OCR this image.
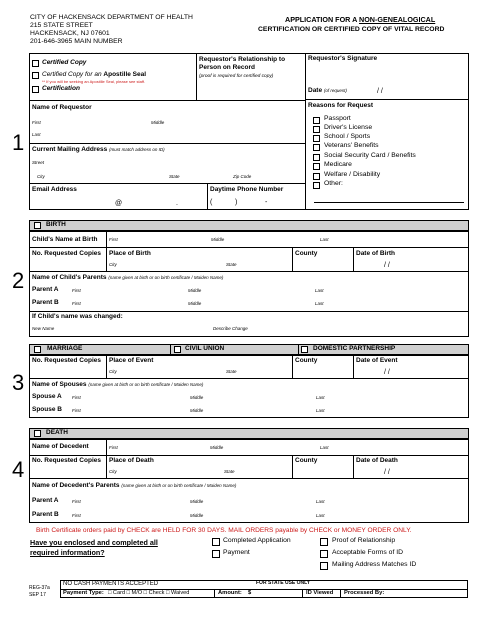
CITY OF HACKENSACK DEPARTMENT OF HEALTH
215 STATE STREET
HACKENSACK, NJ 07601
201-646-3965 MAIN NUMBER
APPLICATION FOR A NON-GENEALOGICAL
CERTIFICATION OR CERTIFIED COPY OF VITAL RECORD
1
2
3
4
Certified Copy
Certified Copy for an Apostille Seal
** If you will be seeking an Apostille Seal, please see staff.
Certification
Requestor's Relationship to Person on Record
(proof is required for certified copy)
Requestor's Signature
Date (of request)	/ /
Name of Requestor
First	Middle
Last
Current Mailing Address (must match address on ID)
Street
City	State	Zip Code
Email Address
@	.
Daytime Phone Number
(	)	-
Reasons for Request
Passport
Driver's License
School / Sports
Veterans' Benefits
Social Security Card / Benefits
Medicare
Welfare / Disability
Other:
BIRTH
Child's Name at Birth	First	Middle	Last
No. Requested Copies Place of Birth
City	State
County	Date of Birth
/ /
Name of Child's Parents (name given at birth or on birth certificate / Maiden Name)
Parent A	First	Middle	Last
Parent B	First	Middle	Last
If Child's name was changed:
New Name	Describe Change
MARRIAGE	CIVIL UNION	DOMESTIC PARTNERSHIP
No. Requested Copies Place of Event
City	State
County	Date of Event
/ /
Name of Spouses (name given at birth or on birth certificate / Maiden Name)
Spouse A First	Middle	Last
Spouse B First	Middle	Last
DEATH
Name of Decedent	First	Middle	Last
No. Requested Copies Place of Death
City	State
County	Date of Death
/ /
Name of Decedent's Parents (name given at birth or on birth certificate / Maiden Name)
Parent A	First	Middle	Last
Parent B	First	Middle	Last
Birth Certificate orders paid by CHECK are HELD FOR 30 DAYS. MAIL ORDERS payable by CHECK or MONEY ORDER ONLY.
Have you enclosed and completed all
required information?
Completed Application	Proof of Relationship
Payment	Acceptable Forms of ID
Mailing Address Matches ID
REG-37a
SEP 17
NO CASH PAYMENTS ACCEPTED	FOR STATE USE ONLY
Payment Type: □ Card □ M/O □ Check □ Waived	Amount: $	ID Viewed Processed By:
